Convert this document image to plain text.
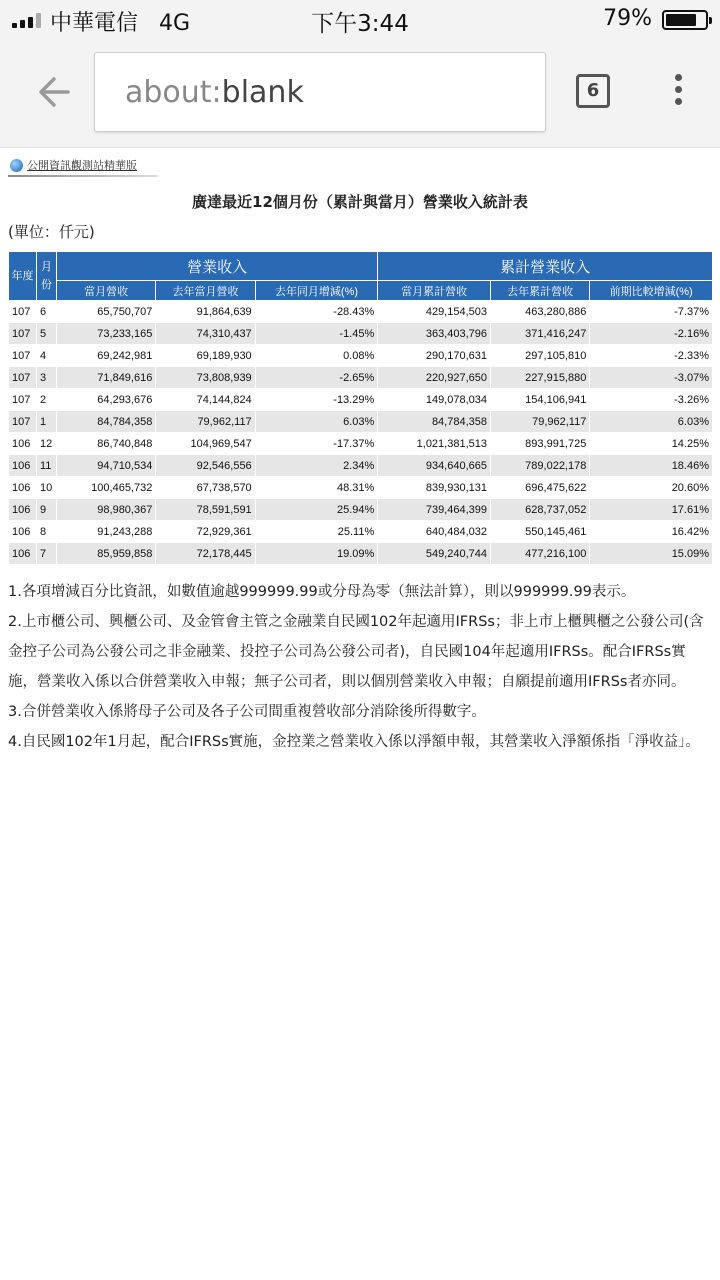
中華電信 4G	下午3:44	79%
about:blank	6
公開資訊觀測站精華版
廣達最近12個月份（累計與當月）營業收入統計表
(單位：仟元)
年度	月份	營業收入			累計營業收入		
		當月營收	去年當月營收	去年同月增減(%)	當月累計營收	去年累計營收	前期比較增減(%)
107	6	65,750,707	91,864,639	-28.43%	429,154,503	463,280,886	-7.37%
107	5	73,233,165	74,310,437	-1.45%	363,403,796	371,416,247	-2.16%
107	4	69,242,981	69,189,930	0.08%	290,170,631	297,105,810	-2.33%
107	3	71,849,616	73,808,939	-2.65%	220,927,650	227,915,880	-3.07%
107	2	64,293,676	74,144,824	-13.29%	149,078,034	154,106,941	-3.26%
107	1	84,784,358	79,962,117	6.03%	84,784,358	79,962,117	6.03%
106	12	86,740,848	104,969,547	-17.37%	1,021,381,513	893,991,725	14.25%
106	11	94,710,534	92,546,556	2.34%	934,640,665	789,022,178	18.46%
106	10	100,465,732	67,738,570	48.31%	839,930,131	696,475,622	20.60%
106	9	98,980,367	78,591,591	25.94%	739,464,399	628,737,052	17.61%
106	8	91,243,288	72,929,361	25.11%	640,484,032	550,145,461	16.42%
106	7	85,959,858	72,178,445	19.09%	549,240,744	477,216,100	15.09%

1.各項增減百分比資訊，如數值逾越999999.99或分母為零（無法計算），則以999999.99表示。

2.上市櫃公司、興櫃公司、及金管會主管之金融業自民國102年起適用IFRSs；非上市上櫃興櫃之公發公司(含金控子公司為公發公司之非金融業、投控子公司為公發公司者)，自民國104年起適用IFRSs。配合IFRSs實施，營業收入係以合併營業收入申報；無子公司者，則以個別營業收入申報；自願提前適用IFRSs者亦同。

3.合併營業收入係將母子公司及各子公司間重複營收部分消除後所得數字。

4.自民國102年1月起，配合IFRSs實施，金控業之營業收入係以淨額申報，其營業收入淨額係指「淨收益」。
